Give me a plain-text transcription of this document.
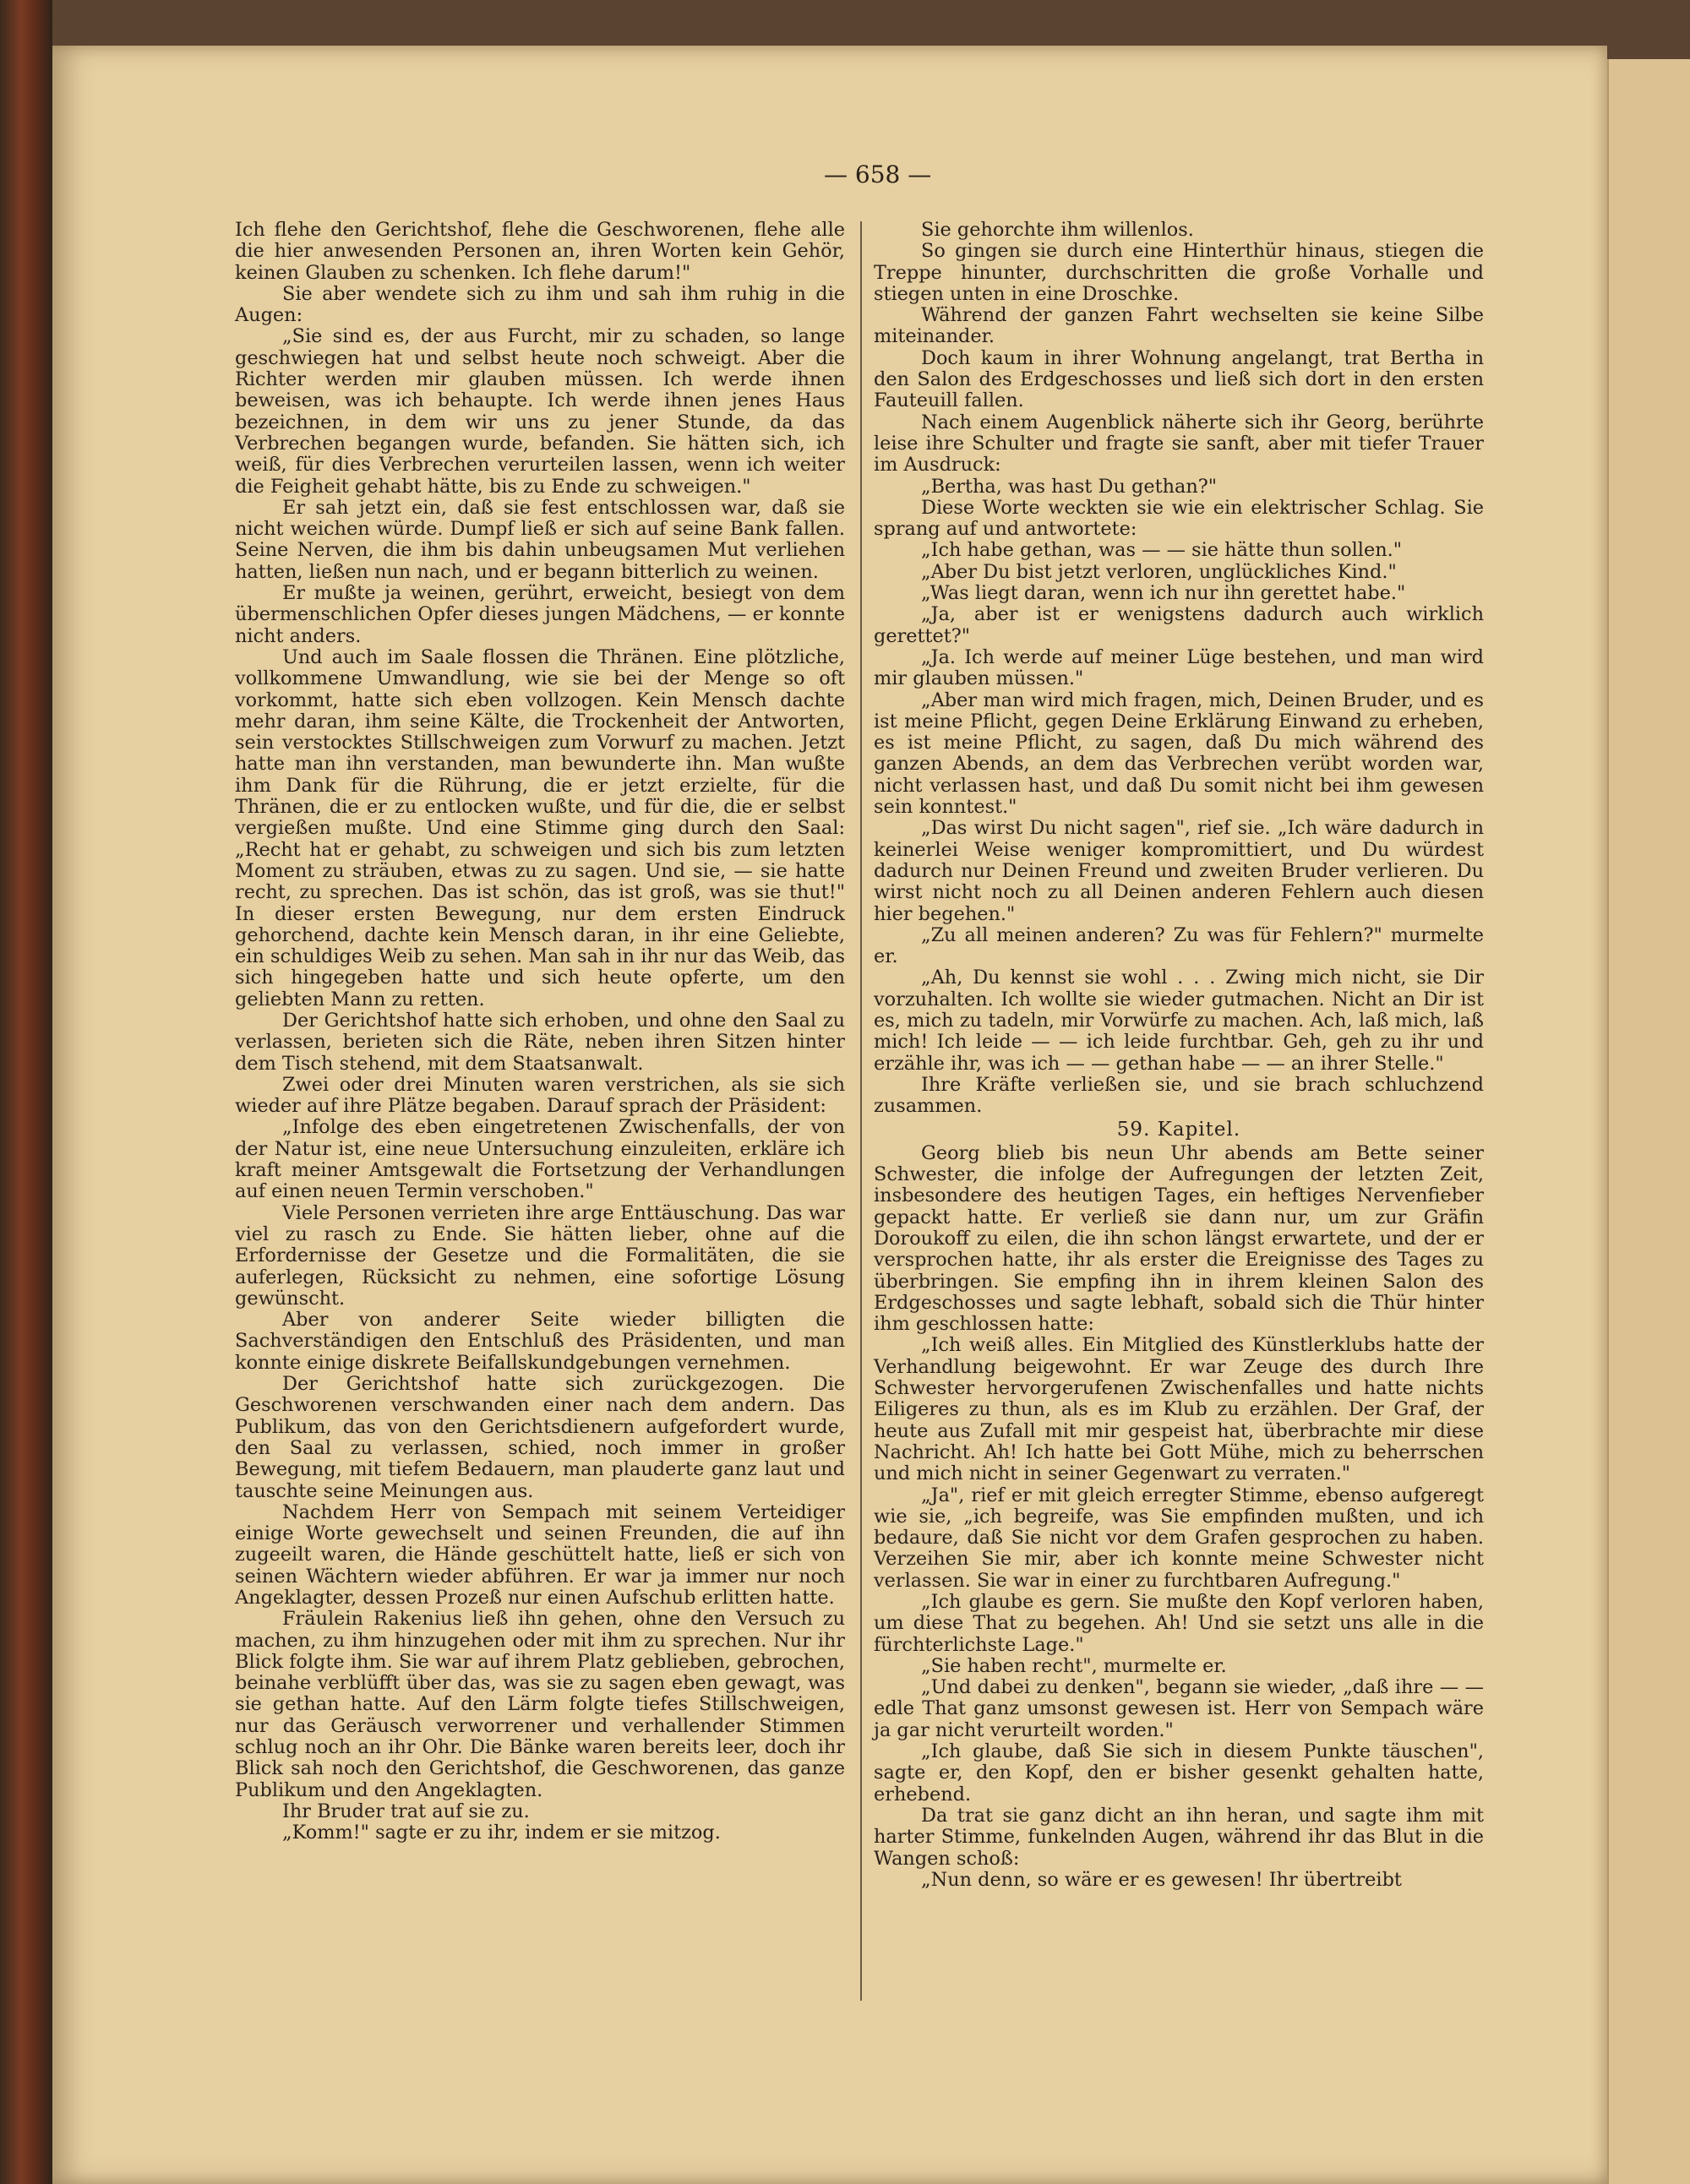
— 658 —

Ich flehe den Gerichtshof, flehe die Geschworenen, flehe alle die hier anwesenden Personen an, ihren Worten kein Gehör, keinen Glauben zu schenken. Ich flehe darum!"

Sie aber wendete sich zu ihm und sah ihm ruhig in die Augen:

„Sie sind es, der aus Furcht, mir zu schaden, so lange geschwiegen hat und selbst heute noch schweigt. Aber die Richter werden mir glauben müssen. Ich werde ihnen beweisen, was ich behaupte. Ich werde ihnen jenes Haus bezeichnen, in dem wir uns zu jener Stunde, da das Verbrechen begangen wurde, befanden. Sie hätten sich, ich weiß, für dies Verbrechen verurteilen lassen, wenn ich weiter die Feigheit gehabt hätte, bis zu Ende zu schweigen."

Er sah jetzt ein, daß sie fest entschlossen war, daß sie nicht weichen würde. Dumpf ließ er sich auf seine Bank fallen. Seine Nerven, die ihm bis dahin unbeugsamen Mut verliehen hatten, ließen nun nach, und er begann bitterlich zu weinen.

Er mußte ja weinen, gerührt, erweicht, besiegt von dem übermenschlichen Opfer dieses jungen Mädchens, — er konnte nicht anders.

Und auch im Saale flossen die Thränen. Eine plötzliche, vollkommene Umwandlung, wie sie bei der Menge so oft vorkommt, hatte sich eben vollzogen. Kein Mensch dachte mehr daran, ihm seine Kälte, die Trockenheit der Antworten, sein verstocktes Stillschweigen zum Vorwurf zu machen. Jetzt hatte man ihn verstanden, man bewunderte ihn. Man wußte ihm Dank für die Rührung, die er jetzt erzielte, für die Thränen, die er zu entlocken wußte, und für die, die er selbst vergießen mußte. Und eine Stimme ging durch den Saal: „Recht hat er gehabt, zu schweigen und sich bis zum letzten Moment zu sträuben, etwas zu zu sagen. Und sie, — sie hatte recht, zu sprechen. Das ist schön, das ist groß, was sie thut!" In dieser ersten Bewegung, nur dem ersten Eindruck gehorchend, dachte kein Mensch daran, in ihr eine Geliebte, ein schuldiges Weib zu sehen. Man sah in ihr nur das Weib, das sich hingegeben hatte und sich heute opferte, um den geliebten Mann zu retten.

Der Gerichtshof hatte sich erhoben, und ohne den Saal zu verlassen, berieten sich die Räte, neben ihren Sitzen hinter dem Tisch stehend, mit dem Staatsanwalt.

Zwei oder drei Minuten waren verstrichen, als sie sich wieder auf ihre Plätze begaben. Darauf sprach der Präsident:

„Infolge des eben eingetretenen Zwischenfalls, der von der Natur ist, eine neue Untersuchung einzuleiten, erkläre ich kraft meiner Amtsgewalt die Fortsetzung der Verhandlungen auf einen neuen Termin verschoben."

Viele Personen verrieten ihre arge Enttäuschung. Das war viel zu rasch zu Ende. Sie hätten lieber, ohne auf die Erfordernisse der Gesetze und die Formalitäten, die sie auferlegen, Rücksicht zu nehmen, eine sofortige Lösung gewünscht.

Aber von anderer Seite wieder billigten die Sachverständigen den Entschluß des Präsidenten, und man konnte einige diskrete Beifallskundgebungen vernehmen.

Der Gerichtshof hatte sich zurückgezogen. Die Geschworenen verschwanden einer nach dem andern. Das Publikum, das von den Gerichtsdienern aufgefordert wurde, den Saal zu verlassen, schied, noch immer in großer Bewegung, mit tiefem Bedauern, man plauderte ganz laut und tauschte seine Meinungen aus.

Nachdem Herr von Sempach mit seinem Verteidiger einige Worte gewechselt und seinen Freunden, die auf ihn zugeeilt waren, die Hände geschüttelt hatte, ließ er sich von seinen Wächtern wieder abführen. Er war ja immer nur noch Angeklagter, dessen Prozeß nur einen Aufschub erlitten hatte.

Fräulein Rakenius ließ ihn gehen, ohne den Versuch zu machen, zu ihm hinzugehen oder mit ihm zu sprechen. Nur ihr Blick folgte ihm. Sie war auf ihrem Platz geblieben, gebrochen, beinahe verblüfft über das, was sie zu sagen eben gewagt, was sie gethan hatte. Auf den Lärm folgte tiefes Stillschweigen, nur das Geräusch verworrener und verhallender Stimmen schlug noch an ihr Ohr. Die Bänke waren bereits leer, doch ihr Blick sah noch den Gerichtshof, die Geschworenen, das ganze Publikum und den Angeklagten.

Ihr Bruder trat auf sie zu.

„Komm!" sagte er zu ihr, indem er sie mitzog.

Sie gehorchte ihm willenlos.

So gingen sie durch eine Hinterthür hinaus, stiegen die Treppe hinunter, durchschritten die große Vorhalle und stiegen unten in eine Droschke.

Während der ganzen Fahrt wechselten sie keine Silbe miteinander.

Doch kaum in ihrer Wohnung angelangt, trat Bertha in den Salon des Erdgeschosses und ließ sich dort in den ersten Fauteuill fallen.

Nach einem Augenblick näherte sich ihr Georg, berührte leise ihre Schulter und fragte sie sanft, aber mit tiefer Trauer im Ausdruck:

„Bertha, was hast Du gethan?"

Diese Worte weckten sie wie ein elektrischer Schlag. Sie sprang auf und antwortete:

„Ich habe gethan, was — — sie hätte thun sollen."

„Aber Du bist jetzt verloren, unglückliches Kind."

„Was liegt daran, wenn ich nur ihn gerettet habe."

„Ja, aber ist er wenigstens dadurch auch wirklich gerettet?"

„Ja. Ich werde auf meiner Lüge bestehen, und man wird mir glauben müssen."

„Aber man wird mich fragen, mich, Deinen Bruder, und es ist meine Pflicht, gegen Deine Erklärung Einwand zu erheben, es ist meine Pflicht, zu sagen, daß Du mich während des ganzen Abends, an dem das Verbrechen verübt worden war, nicht verlassen hast, und daß Du somit nicht bei ihm gewesen sein konntest."

„Das wirst Du nicht sagen", rief sie. „Ich wäre dadurch in keinerlei Weise weniger kompromittiert, und Du würdest dadurch nur Deinen Freund und zweiten Bruder verlieren. Du wirst nicht noch zu all Deinen anderen Fehlern auch diesen hier begehen."

„Zu all meinen anderen? Zu was für Fehlern?" murmelte er.

„Ah, Du kennst sie wohl . . . Zwing mich nicht, sie Dir vorzuhalten. Ich wollte sie wieder gutmachen. Nicht an Dir ist es, mich zu tadeln, mir Vorwürfe zu machen. Ach, laß mich, laß mich! Ich leide — — ich leide furchtbar. Geh, geh zu ihr und erzähle ihr, was ich — — gethan habe — — an ihrer Stelle."

Ihre Kräfte verließen sie, und sie brach schluchzend zusammen.

59. Kapitel.

Georg blieb bis neun Uhr abends am Bette seiner Schwester, die infolge der Aufregungen der letzten Zeit, insbesondere des heutigen Tages, ein heftiges Nervenfieber gepackt hatte. Er verließ sie dann nur, um zur Gräfin Doroukoff zu eilen, die ihn schon längst erwartete, und der er versprochen hatte, ihr als erster die Ereignisse des Tages zu überbringen. Sie empfing ihn in ihrem kleinen Salon des Erdgeschosses und sagte lebhaft, sobald sich die Thür hinter ihm geschlossen hatte:

„Ich weiß alles. Ein Mitglied des Künstlerklubs hatte der Verhandlung beigewohnt. Er war Zeuge des durch Ihre Schwester hervorgerufenen Zwischenfalles und hatte nichts Eiligeres zu thun, als es im Klub zu erzählen. Der Graf, der heute aus Zufall mit mir gespeist hat, überbrachte mir diese Nachricht. Ah! Ich hatte bei Gott Mühe, mich zu beherrschen und mich nicht in seiner Gegenwart zu verraten."

„Ja", rief er mit gleich erregter Stimme, ebenso aufgeregt wie sie, „ich begreife, was Sie empfinden mußten, und ich bedaure, daß Sie nicht vor dem Grafen gesprochen zu haben. Verzeihen Sie mir, aber ich konnte meine Schwester nicht verlassen. Sie war in einer zu furchtbaren Aufregung."

„Ich glaube es gern. Sie mußte den Kopf verloren haben, um diese That zu begehen. Ah! Und sie setzt uns alle in die fürchterlichste Lage."

„Sie haben recht", murmelte er.

„Und dabei zu denken", begann sie wieder, „daß ihre — — edle That ganz umsonst gewesen ist. Herr von Sempach wäre ja gar nicht verurteilt worden."

„Ich glaube, daß Sie sich in diesem Punkte täuschen", sagte er, den Kopf, den er bisher gesenkt gehalten hatte, erhebend.

Da trat sie ganz dicht an ihn heran, und sagte ihm mit harter Stimme, funkelnden Augen, während ihr das Blut in die Wangen schoß:

„Nun denn, so wäre er es gewesen! Ihr übertreibt
